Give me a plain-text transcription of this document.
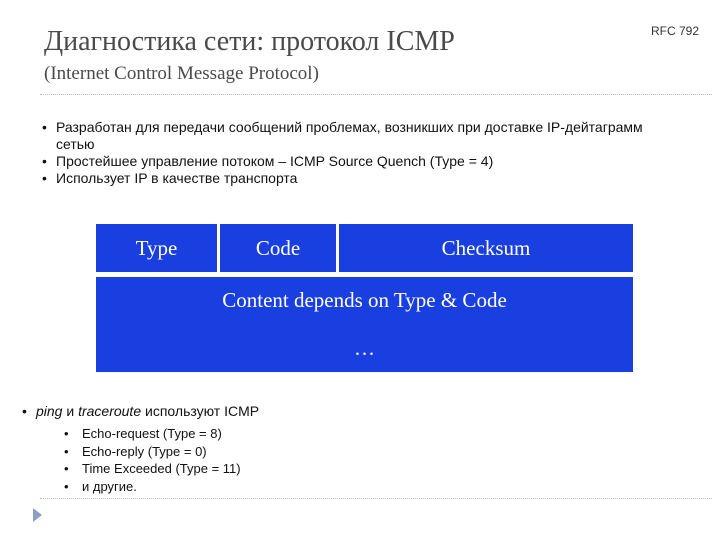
Диагностика сети: протокол ICMP
(Internet Control Message Protocol)
RFC 792
• Разработан для передачи сообщений проблемах, возникших при доставке IP-дейтаграмм сетью
• Простейшее управление потоком – ICMP Source Quench (Type = 4)
• Использует IP в качестве транспорта
Type	Code	Checksum
Content depends on Type & Code
…
• ping и traceroute используют ICMP
• Echo-request (Type = 8)
• Echo-reply (Type = 0)
• Time Exceeded (Type = 11)
• и другие.
